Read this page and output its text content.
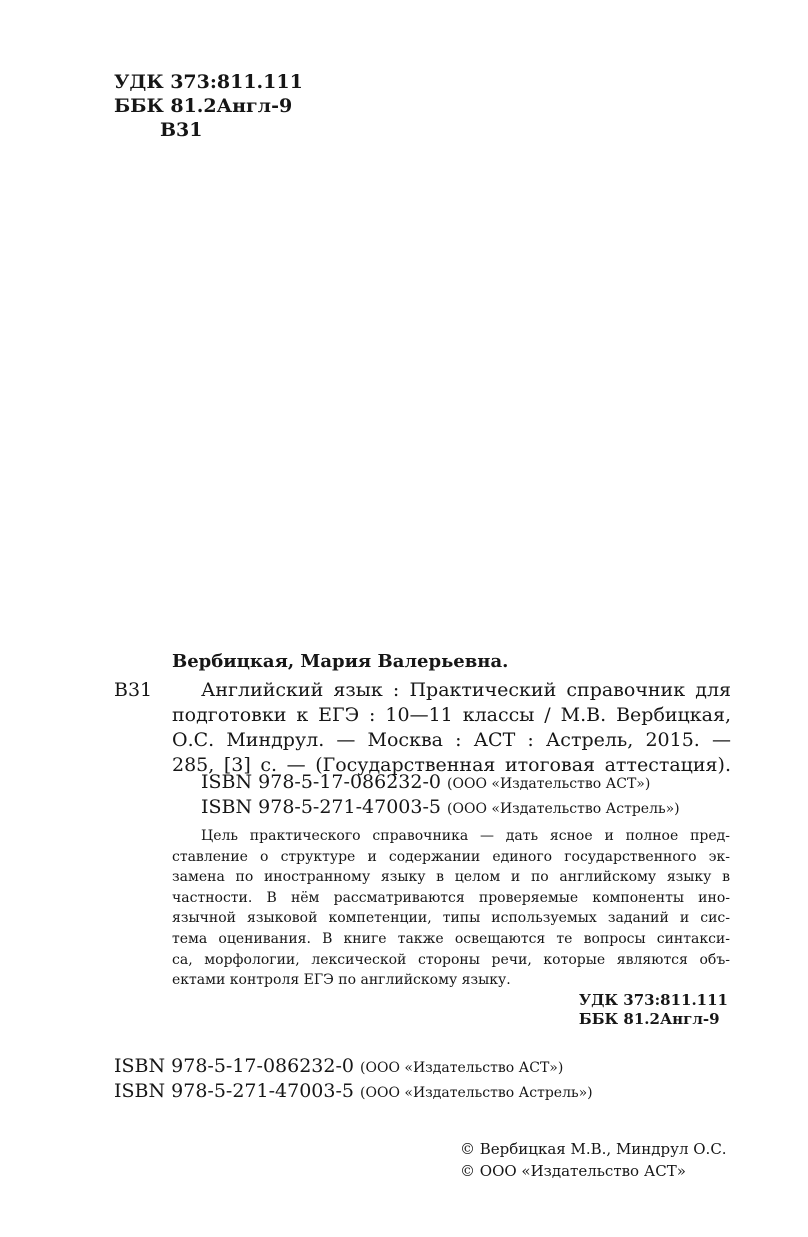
УДК 373:811.111
ББК 81.2Англ-9
В31
Вербицкая, Мария Валерьевна.
В31	Английский язык : Практический справочник для
подготовки к ЕГЭ : 10—11 классы / М.В. Вербицкая,
О.С. Миндрул. — Москва : АСТ : Астрель, 2015. —
285, [3] с. — (Государственная итоговая аттестация).
ISBN 978-5-17-086232-0 (ООО «Издательство АСТ»)
ISBN 978-5-271-47003-5 (ООО «Издательство Астрель»)
Цель практического справочника — дать ясное и полное пред-
ставление о структуре и содержании единого государственного эк-
замена по иностранному языку в целом и по английскому языку в
частности. В нём рассматриваются проверяемые компоненты ино-
язычной языковой компетенции, типы используемых заданий и сис-
тема оценивания. В книге также освещаются те вопросы синтакси-
са, морфологии, лексической стороны речи, которые являются объ-
ектами контроля ЕГЭ по английскому языку.
УДК 373:811.111
ББК 81.2Англ-9
ISBN 978-5-17-086232-0 (ООО «Издательство АСТ»)
ISBN 978-5-271-47003-5 (ООО «Издательство Астрель»)
© Вербицкая М.В., Миндрул О.С.
© ООО «Издательство АСТ»
